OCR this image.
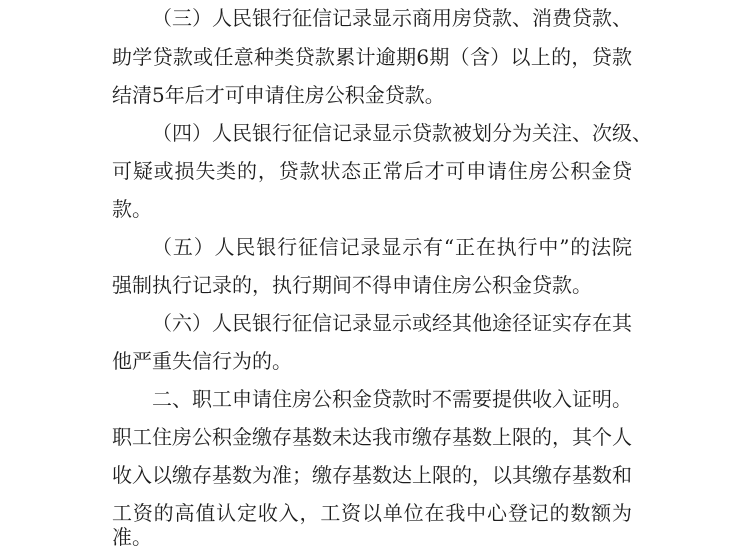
（三）人民银行征信记录显示商用房贷款、消费贷款、

助学贷款或任意种类贷款累计逾期6期（含）以上的，贷款

结清5年后才可申请住房公积金贷款。

（四）人民银行征信记录显示贷款被划分为关注、次级、

可疑或损失类的，贷款状态正常后才可申请住房公积金贷

款。

（五）人民银行征信记录显示有“正在执行中”的法院

强制执行记录的，执行期间不得申请住房公积金贷款。

（六）人民银行征信记录显示或经其他途径证实存在其

他严重失信行为的。

二、职工申请住房公积金贷款时不需要提供收入证明。

职工住房公积金缴存基数未达我市缴存基数上限的，其个人

收入以缴存基数为准；缴存基数达上限的，以其缴存基数和

工资的高值认定收入，工资以单位在我中心登记的数额为

准。
